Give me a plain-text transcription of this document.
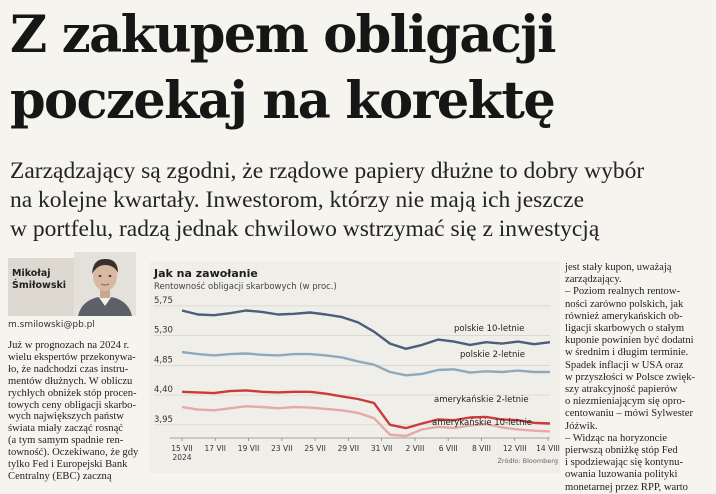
Z zakupem obligacji
poczekaj na korektę
Zarządzający są zgodni, że rządowe papiery dłużne to dobry wybór
na kolejne kwartały. Inwestorom, którzy nie mają ich jeszcze
w portfelu, radzą jednak chwilowo wstrzymać się z inwestycją
Mikołaj
Śmiłowski
m.smilowski@pb.pl
Już w prognozach na 2024 r.
wielu ekspertów przekonywa-
ło, że nadchodzi czas instru-
mentów dłużnych. W obliczu
rychłych obniżek stóp procen-
towych ceny obligacji skarbo-
wych największych państw
świata miały zacząć rosnąć
(a tym samym spadnie ren-
towność). Oczekiwano, że gdy
tylko Fed i Europejski Bank
Centralny (EBC) zaczną
3,95
4,40
4,85
5,30
5,75
polskie 10-letnie
polskie 2-letnie
amerykańskie 2-letnie
amerykańskie 10-letnie
15 VII
2024
17 VII 19 VII 23 VII 25 VII 29 VII 31 VII 2 VIII 6 VIII 8 VIII 12 VIII 14 VIII
Jak na zawołanie
Rentowność obligacji skarbowych (w proc.)
Źródło: Bloomberg
jest stały kupon, uważają
zarządzający.
– Poziom realnych rentow-
ności zarówno polskich, jak
również amerykańskich ob-
ligacji skarbowych o stałym
kuponie powinien być dodatni
w średnim i długim terminie.
Spadek inflacji w USA oraz
w przyszłości w Polsce zwięk-
szy atrakcyjność papierów
o niezmieniającym się opro-
centowaniu – mówi Sylwester
Jóźwik.
– Widząc na horyzoncie
pierwszą obniżkę stóp Fed
i spodziewając się kontynu-
owania luzowania polityki
monetarnej przez RPP, warto
